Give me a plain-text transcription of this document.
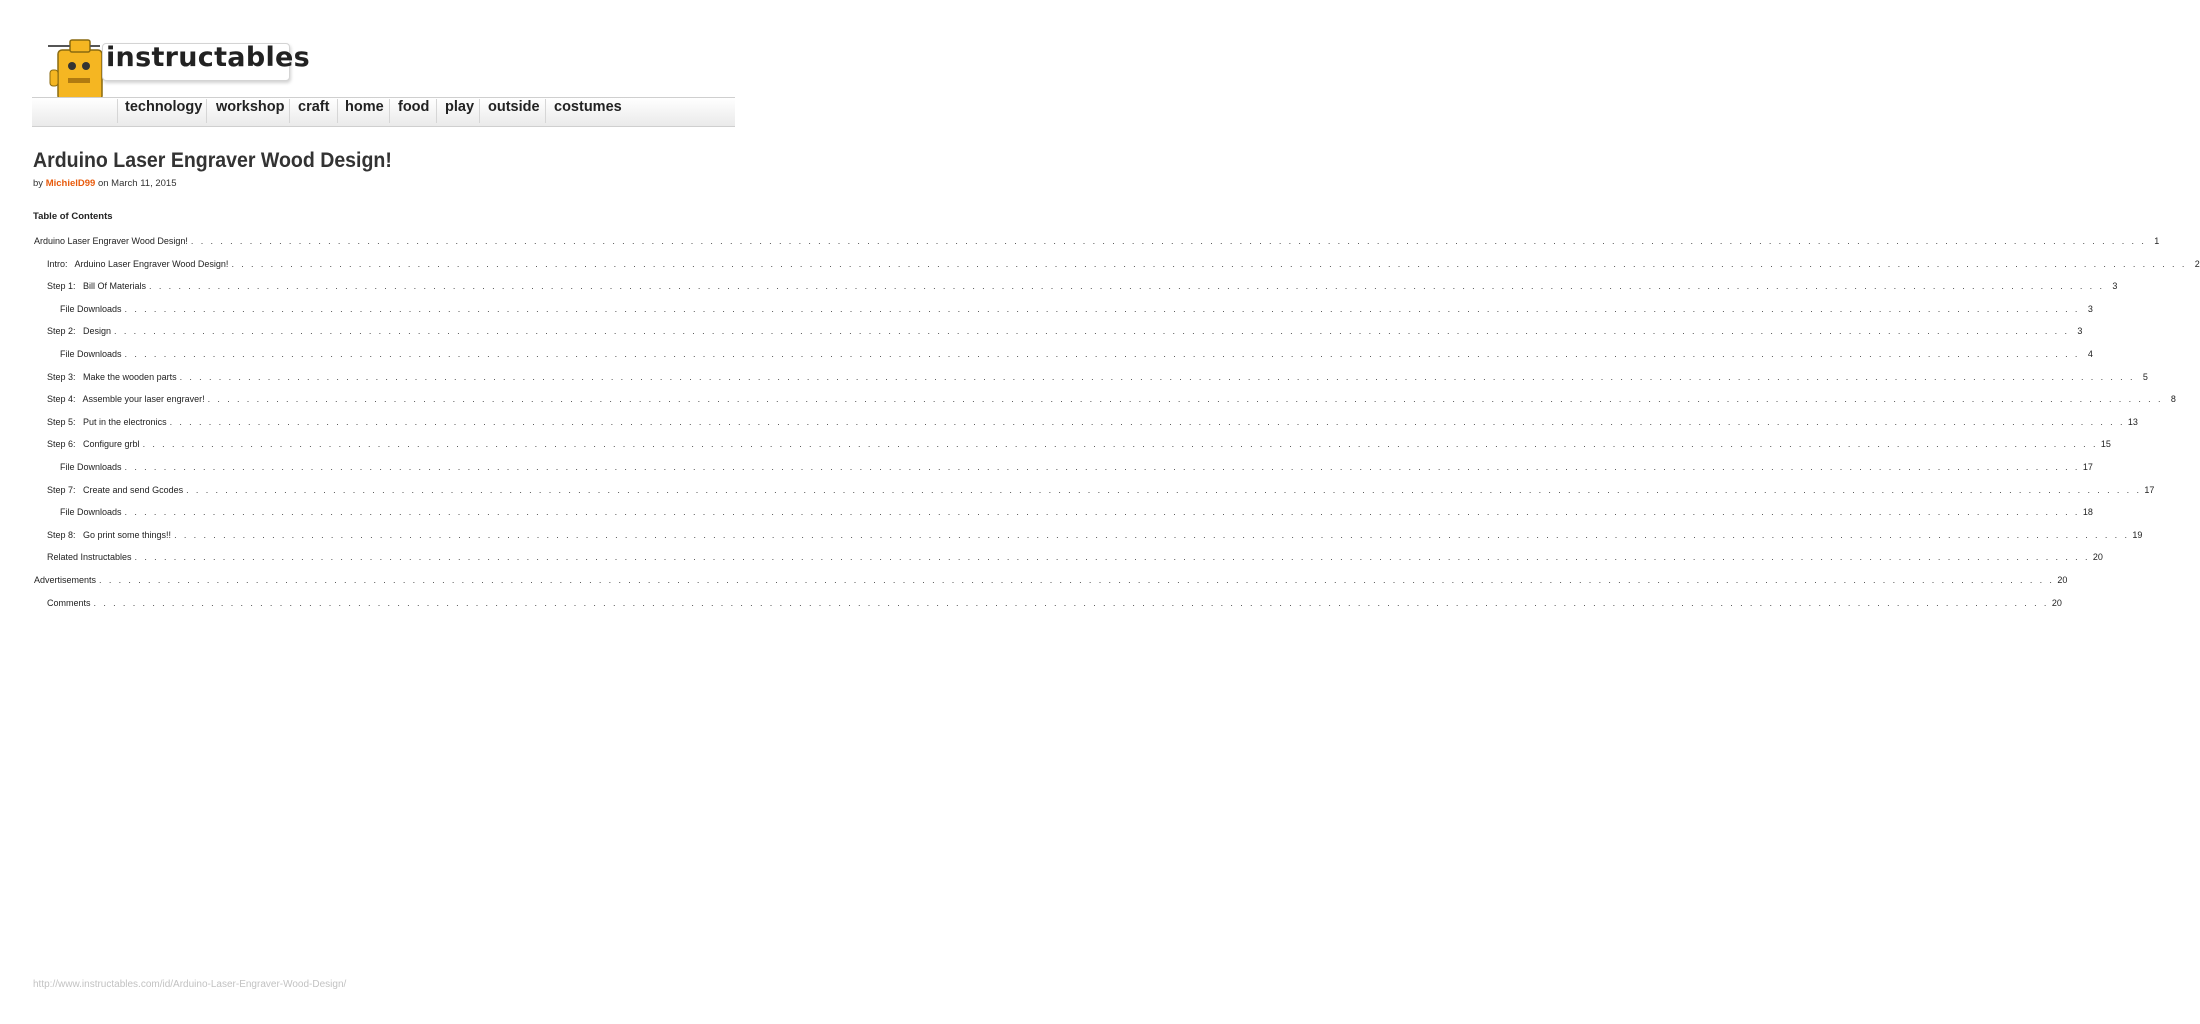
instructables
technology workshop craft home food play outside costumes
Arduino Laser Engraver Wood Design!
by MichielD99 on March 11, 2015
Table of Contents
Arduino Laser Engraver Wood Design! . . . . . . . . . . . . . . . . . . . . . . . . . . . . . . . . . . . . . . . . . . . . . . . . . . . . . . . . . . . . . . . . . . . . . . . . . . . . . . . . . . . . . . . . . . . . . . . . . . . . . . . . . . . . . . . . . . . . . . . . . . . . . . . . . . . . . . . . . . . . . . . . . . . . . . . . . . . . . . . . . . . . . . . . . . . . . . . . . . . . . . . . . . . . . . . . . . . . . . . . 1
Intro:   Arduino Laser Engraver Wood Design! . . . . . . . . . . . . . . . . . . . . . . . . . . . . . . . . . . . . . . . . . . . . . . . . . . . . . . . . . . . . . . . . . . . . . . . . . . . . . . . . . . . . . . . . . . . . . . . . . . . . . . . . . . . . . . . . . . . . . . . . . . . . . . . . . . . . . . . . . . . . . . . . . . . . . . . . . . . . . . . . . . . . . . . . . . . . . . . . . . . . . . . . . . . . . . . . . . . . . . . . 2
Step 1:   Bill Of Materials . . . . . . . . . . . . . . . . . . . . . . . . . . . . . . . . . . . . . . . . . . . . . . . . . . . . . . . . . . . . . . . . . . . . . . . . . . . . . . . . . . . . . . . . . . . . . . . . . . . . . . . . . . . . . . . . . . . . . . . . . . . . . . . . . . . . . . . . . . . . . . . . . . . . . . . . . . . . . . . . . . . . . . . . . . . . . . . . . . . . . . . . . . . . . . . . . . . . . . . . 3
File Downloads . . . . . . . . . . . . . . . . . . . . . . . . . . . . . . . . . . . . . . . . . . . . . . . . . . . . . . . . . . . . . . . . . . . . . . . . . . . . . . . . . . . . . . . . . . . . . . . . . . . . . . . . . . . . . . . . . . . . . . . . . . . . . . . . . . . . . . . . . . . . . . . . . . . . . . . . . . . . . . . . . . . . . . . . . . . . . . . . . . . . . . . . . . . . . . . . . . . . . . . . 3
Step 2:   Design . . . . . . . . . . . . . . . . . . . . . . . . . . . . . . . . . . . . . . . . . . . . . . . . . . . . . . . . . . . . . . . . . . . . . . . . . . . . . . . . . . . . . . . . . . . . . . . . . . . . . . . . . . . . . . . . . . . . . . . . . . . . . . . . . . . . . . . . . . . . . . . . . . . . . . . . . . . . . . . . . . . . . . . . . . . . . . . . . . . . . . . . . . . . . . . . . . . . . . . . 3
File Downloads . . . . . . . . . . . . . . . . . . . . . . . . . . . . . . . . . . . . . . . . . . . . . . . . . . . . . . . . . . . . . . . . . . . . . . . . . . . . . . . . . . . . . . . . . . . . . . . . . . . . . . . . . . . . . . . . . . . . . . . . . . . . . . . . . . . . . . . . . . . . . . . . . . . . . . . . . . . . . . . . . . . . . . . . . . . . . . . . . . . . . . . . . . . . . . . . . . . . . . . . 4
Step 3:   Make the wooden parts . . . . . . . . . . . . . . . . . . . . . . . . . . . . . . . . . . . . . . . . . . . . . . . . . . . . . . . . . . . . . . . . . . . . . . . . . . . . . . . . . . . . . . . . . . . . . . . . . . . . . . . . . . . . . . . . . . . . . . . . . . . . . . . . . . . . . . . . . . . . . . . . . . . . . . . . . . . . . . . . . . . . . . . . . . . . . . . . . . . . . . . . . . . . . . . . . . . . . . . . 5
Step 4:   Assemble your laser engraver! . . . . . . . . . . . . . . . . . . . . . . . . . . . . . . . . . . . . . . . . . . . . . . . . . . . . . . . . . . . . . . . . . . . . . . . . . . . . . . . . . . . . . . . . . . . . . . . . . . . . . . . . . . . . . . . . . . . . . . . . . . . . . . . . . . . . . . . . . . . . . . . . . . . . . . . . . . . . . . . . . . . . . . . . . . . . . . . . . . . . . . . . . . . . . . . . . . . . . . . . 8
Step 5:   Put in the electronics . . . . . . . . . . . . . . . . . . . . . . . . . . . . . . . . . . . . . . . . . . . . . . . . . . . . . . . . . . . . . . . . . . . . . . . . . . . . . . . . . . . . . . . . . . . . . . . . . . . . . . . . . . . . . . . . . . . . . . . . . . . . . . . . . . . . . . . . . . . . . . . . . . . . . . . . . . . . . . . . . . . . . . . . . . . . . . . . . . . . . . . . . . . . . . . . . . . . . . . . 13
Step 6:   Configure grbl . . . . . . . . . . . . . . . . . . . . . . . . . . . . . . . . . . . . . . . . . . . . . . . . . . . . . . . . . . . . . . . . . . . . . . . . . . . . . . . . . . . . . . . . . . . . . . . . . . . . . . . . . . . . . . . . . . . . . . . . . . . . . . . . . . . . . . . . . . . . . . . . . . . . . . . . . . . . . . . . . . . . . . . . . . . . . . . . . . . . . . . . . . . . . . . . . . . . . . . . 15
File Downloads . . . . . . . . . . . . . . . . . . . . . . . . . . . . . . . . . . . . . . . . . . . . . . . . . . . . . . . . . . . . . . . . . . . . . . . . . . . . . . . . . . . . . . . . . . . . . . . . . . . . . . . . . . . . . . . . . . . . . . . . . . . . . . . . . . . . . . . . . . . . . . . . . . . . . . . . . . . . . . . . . . . . . . . . . . . . . . . . . . . . . . . . . . . . . . . . . . . . . . . . 17
Step 7:   Create and send Gcodes . . . . . . . . . . . . . . . . . . . . . . . . . . . . . . . . . . . . . . . . . . . . . . . . . . . . . . . . . . . . . . . . . . . . . . . . . . . . . . . . . . . . . . . . . . . . . . . . . . . . . . . . . . . . . . . . . . . . . . . . . . . . . . . . . . . . . . . . . . . . . . . . . . . . . . . . . . . . . . . . . . . . . . . . . . . . . . . . . . . . . . . . . . . . . . . . . . . . . . . . 17
File Downloads . . . . . . . . . . . . . . . . . . . . . . . . . . . . . . . . . . . . . . . . . . . . . . . . . . . . . . . . . . . . . . . . . . . . . . . . . . . . . . . . . . . . . . . . . . . . . . . . . . . . . . . . . . . . . . . . . . . . . . . . . . . . . . . . . . . . . . . . . . . . . . . . . . . . . . . . . . . . . . . . . . . . . . . . . . . . . . . . . . . . . . . . . . . . . . . . . . . . . . . . 18
Step 8:   Go print some things!! . . . . . . . . . . . . . . . . . . . . . . . . . . . . . . . . . . . . . . . . . . . . . . . . . . . . . . . . . . . . . . . . . . . . . . . . . . . . . . . . . . . . . . . . . . . . . . . . . . . . . . . . . . . . . . . . . . . . . . . . . . . . . . . . . . . . . . . . . . . . . . . . . . . . . . . . . . . . . . . . . . . . . . . . . . . . . . . . . . . . . . . . . . . . . . . . . . . . . . . . 19
Related Instructables . . . . . . . . . . . . . . . . . . . . . . . . . . . . . . . . . . . . . . . . . . . . . . . . . . . . . . . . . . . . . . . . . . . . . . . . . . . . . . . . . . . . . . . . . . . . . . . . . . . . . . . . . . . . . . . . . . . . . . . . . . . . . . . . . . . . . . . . . . . . . . . . . . . . . . . . . . . . . . . . . . . . . . . . . . . . . . . . . . . . . . . . . . . . . . . . . . . . . . . . 20
Advertisements . . . . . . . . . . . . . . . . . . . . . . . . . . . . . . . . . . . . . . . . . . . . . . . . . . . . . . . . . . . . . . . . . . . . . . . . . . . . . . . . . . . . . . . . . . . . . . . . . . . . . . . . . . . . . . . . . . . . . . . . . . . . . . . . . . . . . . . . . . . . . . . . . . . . . . . . . . . . . . . . . . . . . . . . . . . . . . . . . . . . . . . . . . . . . . . . . . . . . . . . 20
Comments . . . . . . . . . . . . . . . . . . . . . . . . . . . . . . . . . . . . . . . . . . . . . . . . . . . . . . . . . . . . . . . . . . . . . . . . . . . . . . . . . . . . . . . . . . . . . . . . . . . . . . . . . . . . . . . . . . . . . . . . . . . . . . . . . . . . . . . . . . . . . . . . . . . . . . . . . . . . . . . . . . . . . . . . . . . . . . . . . . . . . . . . . . . . . . . . . . . . . . . . 20
http://www.instructables.com/id/Arduino-Laser-Engraver-Wood-Design/
